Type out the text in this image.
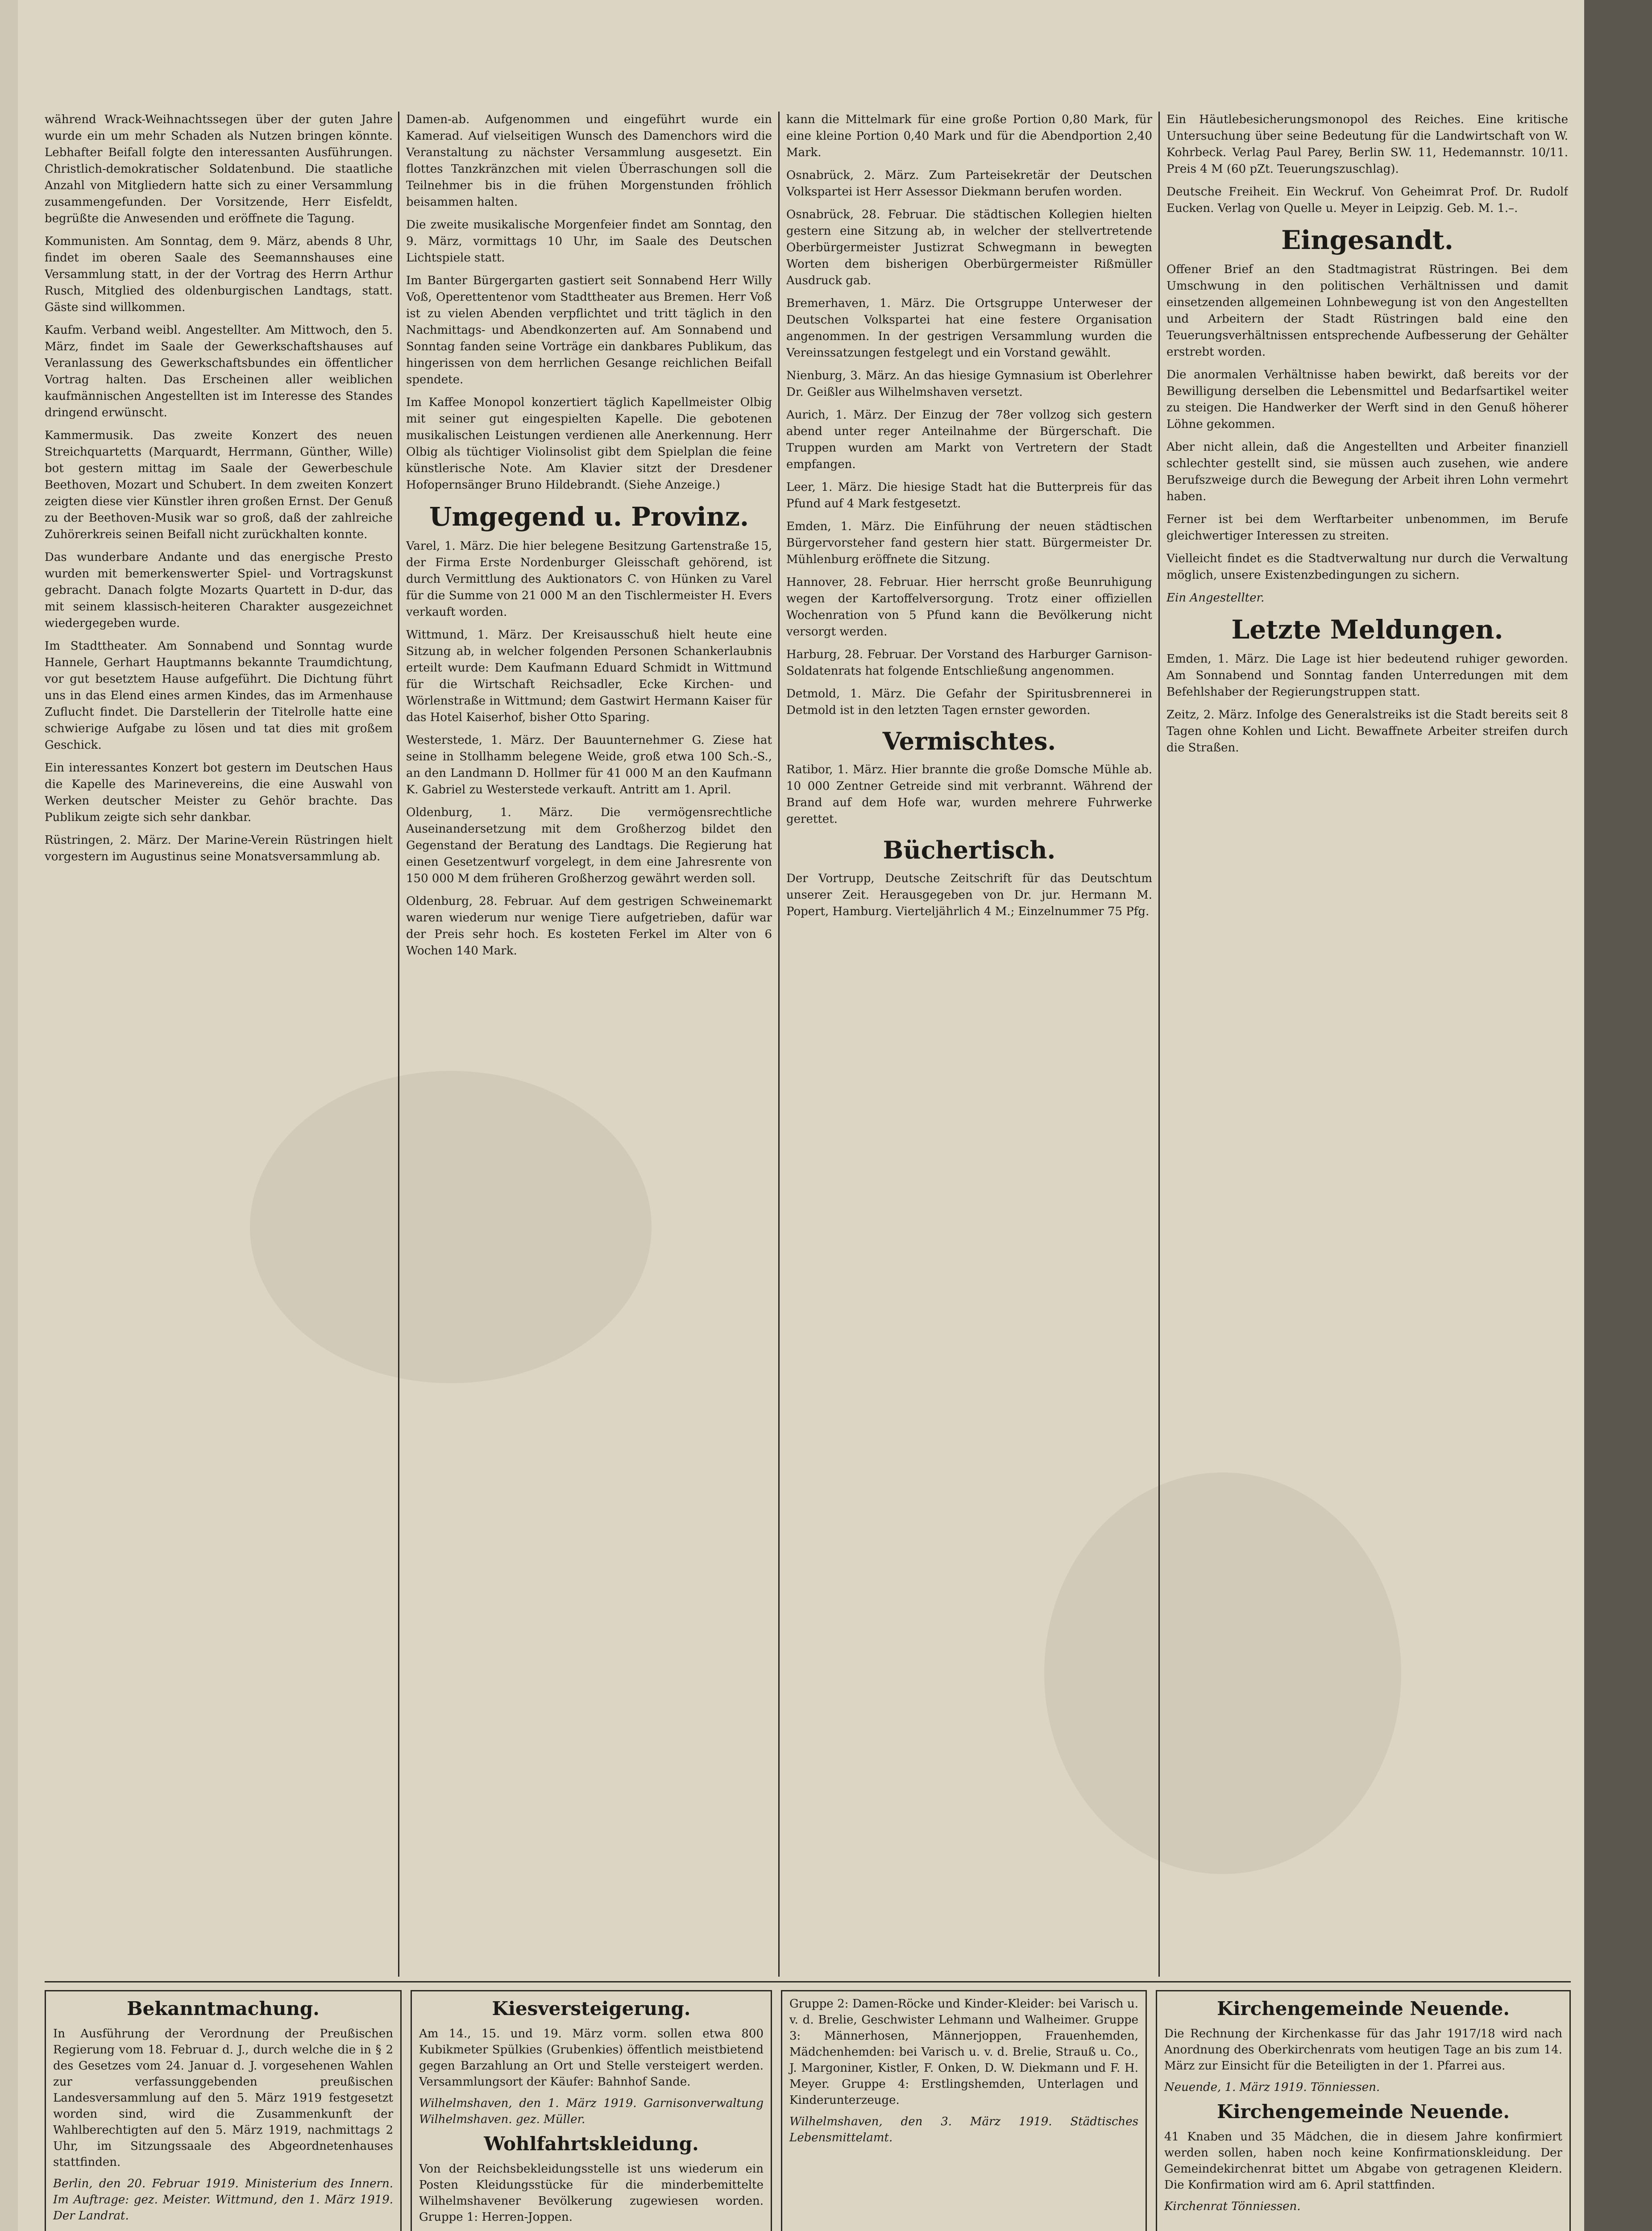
während Wrack-Weihnachtssegen über der guten Jahre wurde ein um mehr Schaden als Nutzen bringen könnte. Lebhafter Beifall folgte den interessanten Ausführungen. Christlich-demokratischer Soldatenbund. Die staatliche Anzahl von Mitgliedern hatte sich zu einer Versammlung zusammengefunden. Der Vorsitzende, Herr Eisfeldt, begrüßte die Anwesenden und eröffnete die Tagung.

Kommunisten. Am Sonntag, dem 9. März, abends 8 Uhr, findet im oberen Saale des Seemannshauses eine Versammlung statt, in der der Vortrag des Herrn Arthur Rusch, Mitglied des oldenburgischen Landtags, statt. Gäste sind willkommen.

Kaufm. Verband weibl. Angestellter. Am Mittwoch, den 5. März, findet im Saale der Gewerkschaftshauses auf Veranlassung des Gewerkschaftsbundes ein öffentlicher Vortrag halten. Das Erscheinen aller weiblichen kaufmännischen Angestellten ist im Interesse des Standes dringend erwünscht.

Kammermusik. Das zweite Konzert des neuen Streichquartetts (Marquardt, Herrmann, Günther, Wille) bot gestern mittag im Saale der Gewerbeschule Beethoven, Mozart und Schubert. In dem zweiten Konzert zeigten diese vier Künstler ihren großen Ernst. Der Genuß zu der Beethoven-Musik war so groß, daß der zahlreiche Zuhörerkreis seinen Beifall nicht zurückhalten konnte.

Das wunderbare Andante und das energische Presto wurden mit bemerkenswerter Spiel- und Vortragskunst gebracht. Danach folgte Mozarts Quartett in D-dur, das mit seinem klassisch-heiteren Charakter ausgezeichnet wiedergegeben wurde.

Im Stadttheater. Am Sonnabend und Sonntag wurde Hannele, Gerhart Hauptmanns bekannte Traumdichtung, vor gut besetztem Hause aufgeführt. Die Dichtung führt uns in das Elend eines armen Kindes, das im Armenhause Zuflucht findet. Die Darstellerin der Titelrolle hatte eine schwierige Aufgabe zu lösen und tat dies mit großem Geschick.

Ein interessantes Konzert bot gestern im Deutschen Haus die Kapelle des Marinevereins, die eine Auswahl von Werken deutscher Meister zu Gehör brachte. Das Publikum zeigte sich sehr dankbar.

Rüstringen, 2. März. Der Marine-Verein Rüstringen hielt vorgestern im Augustinus seine Monatsversammlung ab.

Damen-ab. Aufgenommen und eingeführt wurde ein Kamerad. Auf vielseitigen Wunsch des Damenchors wird die Veranstaltung zu nächster Versammlung ausgesetzt. Ein flottes Tanzkränzchen mit vielen Überraschungen soll die Teilnehmer bis in die frühen Morgenstunden fröhlich beisammen halten.

Die zweite musikalische Morgenfeier findet am Sonntag, den 9. März, vormittags 10 Uhr, im Saale des Deutschen Lichtspiele statt.

Im Banter Bürgergarten gastiert seit Sonnabend Herr Willy Voß, Operettentenor vom Stadttheater aus Bremen. Herr Voß ist zu vielen Abenden verpflichtet und tritt täglich in den Nachmittags- und Abendkonzerten auf. Am Sonnabend und Sonntag fanden seine Vorträge ein dankbares Publikum, das hingerissen von dem herrlichen Gesange reichlichen Beifall spendete.

Im Kaffee Monopol konzertiert täglich Kapellmeister Olbig mit seiner gut eingespielten Kapelle. Die gebotenen musikalischen Leistungen verdienen alle Anerkennung. Herr Olbig als tüchtiger Violinsolist gibt dem Spielplan die feine künstlerische Note. Am Klavier sitzt der Dresdener Hofopernsänger Bruno Hildebrandt. (Siehe Anzeige.)

Umgegend u. Provinz.

Varel, 1. März. Die hier belegene Besitzung Gartenstraße 15, der Firma Erste Nordenburger Gleisschaft gehörend, ist durch Vermittlung des Auktionators C. von Hünken zu Varel für die Summe von 21 000 M an den Tischlermeister H. Evers verkauft worden.

Wittmund, 1. März. Der Kreisausschuß hielt heute eine Sitzung ab, in welcher folgenden Personen Schankerlaubnis erteilt wurde: Dem Kaufmann Eduard Schmidt in Wittmund für die Wirtschaft Reichsadler, Ecke Kirchen- und Wörlenstraße in Wittmund; dem Gastwirt Hermann Kaiser für das Hotel Kaiserhof, bisher Otto Sparing.

Westerstede, 1. März. Der Bauunternehmer G. Ziese hat seine in Stollhamm belegene Weide, groß etwa 100 Sch.-S., an den Landmann D. Hollmer für 41 000 M an den Kaufmann K. Gabriel zu Westerstede verkauft. Antritt am 1. April.

Oldenburg, 1. März. Die vermögensrechtliche Auseinandersetzung mit dem Großherzog bildet den Gegenstand der Beratung des Landtags. Die Regierung hat einen Gesetzentwurf vorgelegt, in dem eine Jahresrente von 150 000 M dem früheren Großherzog gewährt werden soll.

Oldenburg, 28. Februar. Auf dem gestrigen Schweinemarkt waren wiederum nur wenige Tiere aufgetrieben, dafür war der Preis sehr hoch. Es kosteten Ferkel im Alter von 6 Wochen 140 Mark.

kann die Mittelmark für eine große Portion 0,80 Mark, für eine kleine Portion 0,40 Mark und für die Abendportion 2,40 Mark.

Osnabrück, 2. März. Zum Parteisekretär der Deutschen Volkspartei ist Herr Assessor Diekmann berufen worden.

Osnabrück, 28. Februar. Die städtischen Kollegien hielten gestern eine Sitzung ab, in welcher der stellvertretende Oberbürgermeister Justizrat Schwegmann in bewegten Worten dem bisherigen Oberbürgermeister Rißmüller Ausdruck gab.

Bremerhaven, 1. März. Die Ortsgruppe Unterweser der Deutschen Volkspartei hat eine festere Organisation angenommen. In der gestrigen Versammlung wurden die Vereinssatzungen festgelegt und ein Vorstand gewählt.

Nienburg, 3. März. An das hiesige Gymnasium ist Oberlehrer Dr. Geißler aus Wilhelmshaven versetzt.

Aurich, 1. März. Der Einzug der 78er vollzog sich gestern abend unter reger Anteilnahme der Bürgerschaft. Die Truppen wurden am Markt von Vertretern der Stadt empfangen.

Leer, 1. März. Die hiesige Stadt hat die Butterpreis für das Pfund auf 4 Mark festgesetzt.

Emden, 1. März. Die Einführung der neuen städtischen Bürgervorsteher fand gestern hier statt. Bürgermeister Dr. Mühlenburg eröffnete die Sitzung.

Hannover, 28. Februar. Hier herrscht große Beunruhigung wegen der Kartoffelversorgung. Trotz einer offiziellen Wochenration von 5 Pfund kann die Bevölkerung nicht versorgt werden.

Harburg, 28. Februar. Der Vorstand des Harburger Garnison-Soldatenrats hat folgende Entschließung angenommen.

Detmold, 1. März. Die Gefahr der Spiritusbrennerei in Detmold ist in den letzten Tagen ernster geworden.

Vermischtes.

Ratibor, 1. März. Hier brannte die große Domsche Mühle ab. 10 000 Zentner Getreide sind mit verbrannt. Während der Brand auf dem Hofe war, wurden mehrere Fuhrwerke gerettet.

Büchertisch.

Der Vortrupp, Deutsche Zeitschrift für das Deutschtum unserer Zeit. Herausgegeben von Dr. jur. Hermann M. Popert, Hamburg. Vierteljährlich 4 M.; Einzelnummer 75 Pfg.

Ein Häutlebesicherungsmonopol des Reiches. Eine kritische Untersuchung über seine Bedeutung für die Landwirtschaft von W. Kohrbeck. Verlag Paul Parey, Berlin SW. 11, Hedemannstr. 10/11. Preis 4 M (60 pZt. Teuerungszuschlag).

Deutsche Freiheit. Ein Weckruf. Von Geheimrat Prof. Dr. Rudolf Eucken. Verlag von Quelle u. Meyer in Leipzig. Geb. M. 1.–.

Eingesandt.

Offener Brief an den Stadtmagistrat Rüstringen. Bei dem Umschwung in den politischen Verhältnissen und damit einsetzenden allgemeinen Lohnbewegung ist von den Angestellten und Arbeitern der Stadt Rüstringen bald eine den Teuerungsverhältnissen entsprechende Aufbesserung der Gehälter erstrebt worden.

Die anormalen Verhältnisse haben bewirkt, daß bereits vor der Bewilligung derselben die Lebensmittel und Bedarfsartikel weiter zu steigen. Die Handwerker der Werft sind in den Genuß höherer Löhne gekommen.

Aber nicht allein, daß die Angestellten und Arbeiter finanziell schlechter gestellt sind, sie müssen auch zusehen, wie andere Berufszweige durch die Bewegung der Arbeit ihren Lohn vermehrt haben.

Ferner ist bei dem Werftarbeiter unbenommen, im Berufe gleichwertiger Interessen zu streiten.

Vielleicht findet es die Stadtverwaltung nur durch die Verwaltung möglich, unsere Existenzbedingungen zu sichern.

Ein Angestellter.

Letzte Meldungen.

Emden, 1. März. Die Lage ist hier bedeutend ruhiger geworden. Am Sonnabend und Sonntag fanden Unterredungen mit dem Befehlshaber der Regierungstruppen statt.

Zeitz, 2. März. Infolge des Generalstreiks ist die Stadt bereits seit 8 Tagen ohne Kohlen und Licht. Bewaffnete Arbeiter streifen durch die Straßen.

Bekanntmachung.

In Ausführung der Verordnung der Preußischen Regierung vom 18. Februar d. J., durch welche die in § 2 des Gesetzes vom 24. Januar d. J. vorgesehenen Wahlen zur verfassunggebenden preußischen Landesversammlung auf den 5. März 1919 festgesetzt worden sind, wird die Zusammenkunft der Wahlberechtigten auf den 5. März 1919, nachmittags 2 Uhr, im Sitzungssaale des Abgeordnetenhauses stattfinden.

Berlin, den 20. Februar 1919. Ministerium des Innern. Im Auftrage: gez. Meister. Wittmund, den 1. März 1919. Der Landrat.

Kiesversteigerung.

Am 14., 15. und 19. März vorm. sollen etwa 800 Kubikmeter Spülkies (Grubenkies) öffentlich meistbietend gegen Barzahlung an Ort und Stelle versteigert werden. Versammlungsort der Käufer: Bahnhof Sande.

Wilhelmshaven, den 1. März 1919. Garnisonverwaltung Wilhelmshaven. gez. Müller.

Wohlfahrtskleidung.

Von der Reichsbekleidungsstelle ist uns wiederum ein Posten Kleidungsstücke für die minderbemittelte Wilhelmshavener Bevölkerung zugewiesen worden. Gruppe 1: Herren-Joppen.

Gruppe 2: Damen-Röcke und Kinder-Kleider: bei Varisch u. v. d. Brelie, Geschwister Lehmann und Walheimer. Gruppe 3: Männerhosen, Männerjoppen, Frauenhemden, Mädchenhemden: bei Varisch u. v. d. Brelie, Strauß u. Co., J. Margoniner, Kistler, F. Onken, D. W. Diekmann und F. H. Meyer. Gruppe 4: Erstlingshemden, Unterlagen und Kinderunterzeuge.

Wilhelmshaven, den 3. März 1919. Städtisches Lebensmittelamt.

Kirchengemeinde Neuende.

Die Rechnung der Kirchenkasse für das Jahr 1917/18 wird nach Anordnung des Oberkirchenrats vom heutigen Tage an bis zum 14. März zur Einsicht für die Beteiligten in der 1. Pfarrei aus.

Neuende, 1. März 1919. Tönniessen.

Kirchengemeinde Neuende.

41 Knaben und 35 Mädchen, die in diesem Jahre konfirmiert werden sollen, haben noch keine Konfirmationskleidung. Der Gemeindekirchenrat bittet um Abgabe von getragenen Kleidern. Die Konfirmation wird am 6. April stattfinden.

Kirchenrat Tönniessen.
